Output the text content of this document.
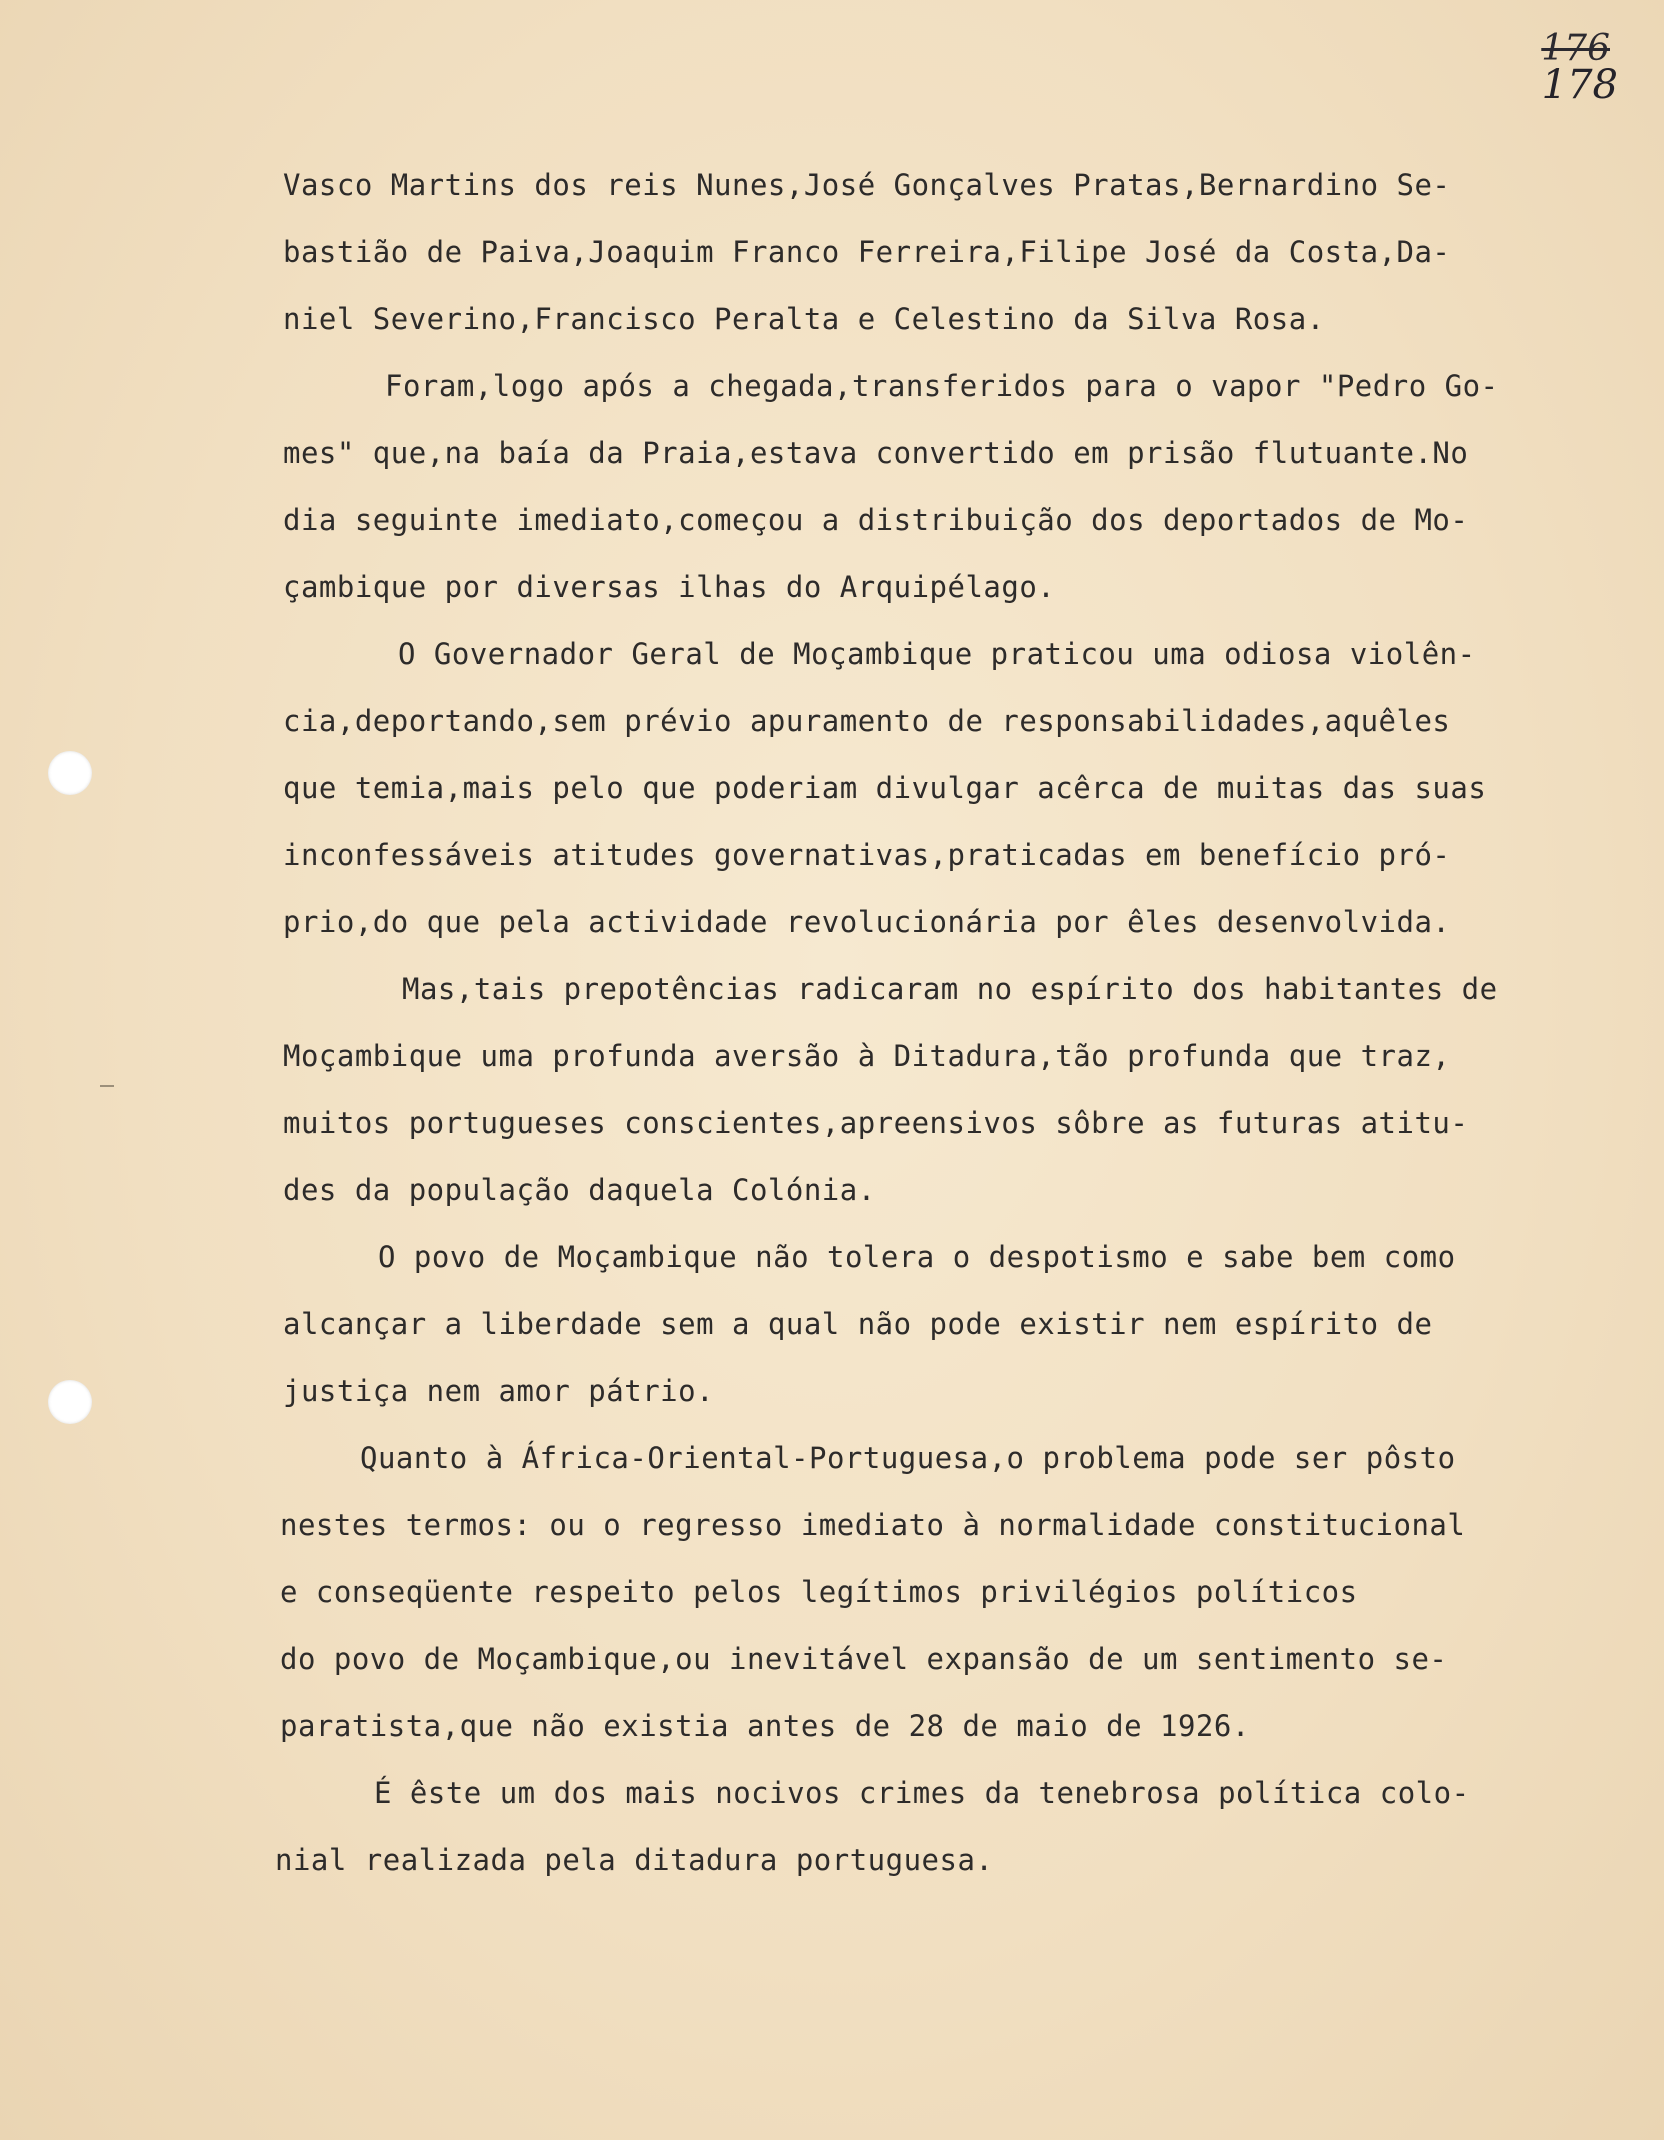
176
178
Vasco Martins dos reis Nunes,José Gonçalves Pratas,Bernardino Se-
bastião de Paiva,Joaquim Franco Ferreira,Filipe José da Costa,Da-
niel Severino,Francisco Peralta e Celestino da Silva Rosa.
Foram,logo após a chegada,transferidos para o vapor "Pedro Go-
mes" que,na baía da Praia,estava convertido em prisão flutuante.No
dia seguinte imediato,começou a distribuição dos deportados de Mo-
çambique por diversas ilhas do Arquipélago.
O Governador Geral de Moçambique praticou uma odiosa violên-
cia,deportando,sem prévio apuramento de responsabilidades,aquêles
que temia,mais pelo que poderiam divulgar acêrca de muitas das suas
inconfessáveis atitudes governativas,praticadas em benefício pró-
prio,do que pela actividade revolucionária por êles desenvolvida.
Mas,tais prepotências radicaram no espírito dos habitantes de
Moçambique uma profunda aversão à Ditadura,tão profunda que traz,
muitos portugueses conscientes,apreensivos sôbre as futuras atitu-
des da população daquela Colónia.
O povo de Moçambique não tolera o despotismo e sabe bem como
alcançar a liberdade sem a qual não pode existir nem espírito de
justiça nem amor pátrio.
Quanto à África-Oriental-Portuguesa,o problema pode ser pôsto
nestes termos: ou o regresso imediato à normalidade constitucional
e conseqüente respeito pelos legítimos privilégios políticos
do povo de Moçambique,ou inevitável expansão de um sentimento se-
paratista,que não existia antes de 28 de maio de 1926.
É êste um dos mais nocivos crimes da tenebrosa política colo-
nial realizada pela ditadura portuguesa.
